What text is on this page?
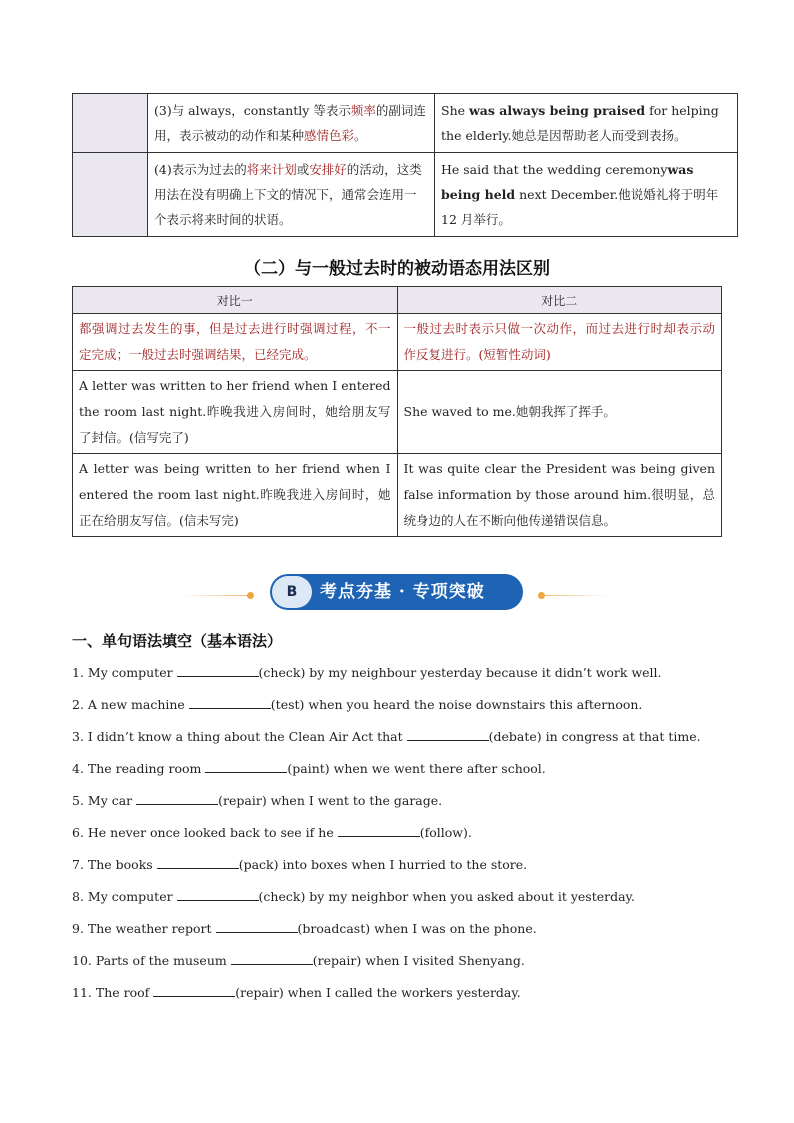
	(3)与 always，constantly 等表示频率的副词连用，表示被动的动作和某种感情色彩。	She was always being praised for helping the elderly.她总是因帮助老人而受到表扬。
	(4)表示为过去的将来计划或安排好的活动，这类用法在没有明确上下文的情况下，通常会连用一个表示将来时间的状语。	He said that the wedding ceremonywas being held next December.他说婚礼将于明年 12 月举行。
（二）与一般过去时的被动语态用法区别
对比一	对比二
都强调过去发生的事，但是过去进行时强调过程，不一定完成；一般过去时强调结果，已经完成。	一般过去时表示只做一次动作，而过去进行时却表示动作反复进行。(短暂性动词)
A letter was written to her friend when I entered the room last night.昨晚我进入房间时，她给朋友写了封信。(信写完了)	She waved to me.她朝我挥了挥手。
A letter was being written to her friend when I entered the room last night.昨晚我进入房间时，她正在给朋友写信。(信未写完)	It was quite clear the President was being given false information by those around him.很明显，总统身边的人在不断向他传递错误信息。
B	考点夯基 · 专项突破
一、单句语法填空（基本语法）
1. My computer	(check) by my neighbour yesterday because it didn’t work well.
2. A new machine	(test) when you heard the noise downstairs this afternoon.
3. I didn’t know a thing about the Clean Air Act that	(debate) in congress at that time.
4. The reading room	(paint) when we went there after school.
5. My car	(repair) when I went to the garage.
6. He never once looked back to see if he	(follow).
7. The books	(pack) into boxes when I hurried to the store.
8. My computer	(check) by my neighbor when you asked about it yesterday.
9. The weather report	(broadcast) when I was on the phone.
10. Parts of the museum	(repair) when I visited Shenyang.
11. The roof	(repair) when I called the workers yesterday.
